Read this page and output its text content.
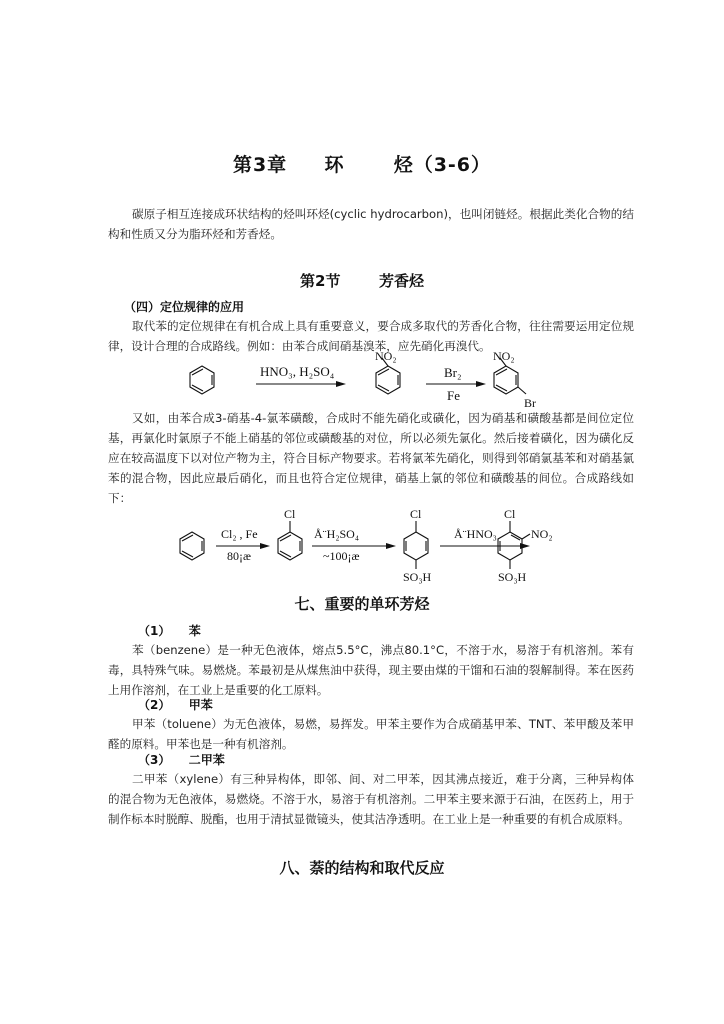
第3章 环	烃（3-6）
碳原子相互连接成环状结构的烃叫环烃(cyclic hydrocarbon)，也叫闭链烃。根据此类化合物的结构和性质又分为脂环烃和芳香烃。
第2节	芳香烃
（四）定位规律的应用
取代苯的定位规律在有机合成上具有重要意义，要合成多取代的芳香化合物，往往需要运用定位规律，设计合理的合成路线。例如：由苯合成间硝基溴苯，应先硝化再溴代。
HNO₃, H₂SO₄
NO₂
Br₂
Fe
NO₂
Br
又如，由苯合成3-硝基-4-氯苯磺酸，合成时不能先硝化或磺化，因为硝基和磺酸基都是间位定位基，再氯化时氯原子不能上硝基的邻位或磺酸基的对位，所以必须先氯化。然后接着磺化，因为磺化反应在较高温度下以对位产物为主，符合目标产物要求。若将氯苯先硝化，则得到邻硝氯基苯和对硝基氯苯的混合物，因此应最后硝化，而且也符合定位规律，硝基上氯的邻位和磺酸基的间位。合成路线如下：
Cl₂ , Fe
80¡æ
Cl
Å¨H₂SO₄
~100¡æ
Cl
SO₃H
Å¨HNO₃
Cl
NO₂
SO₃H
七、重要的单环芳烃
（1） 苯
苯（benzene）是一种无色液体，熔点5.5°C，沸点80.1°C，不溶于水，易溶于有机溶剂。苯有毒，具特殊气味。易燃烧。苯最初是从煤焦油中获得，现主要由煤的干馏和石油的裂解制得。苯在医药上用作溶剂，在工业上是重要的化工原料。
（2） 甲苯
甲苯（toluene）为无色液体，易燃，易挥发。甲苯主要作为合成硝基甲苯、TNT、苯甲酸及苯甲醛的原料。甲苯也是一种有机溶剂。
（3） 二甲苯
二甲苯（xylene）有三种异构体，即邻、间、对二甲苯，因其沸点接近，难于分离，三种异构体的混合物为无色液体，易燃烧。不溶于水，易溶于有机溶剂。二甲苯主要来源于石油，在医药上，用于制作标本时脱醇、脱酯，也用于清拭显微镜头，使其洁净透明。在工业上是一种重要的有机合成原料。
八、萘的结构和取代反应
